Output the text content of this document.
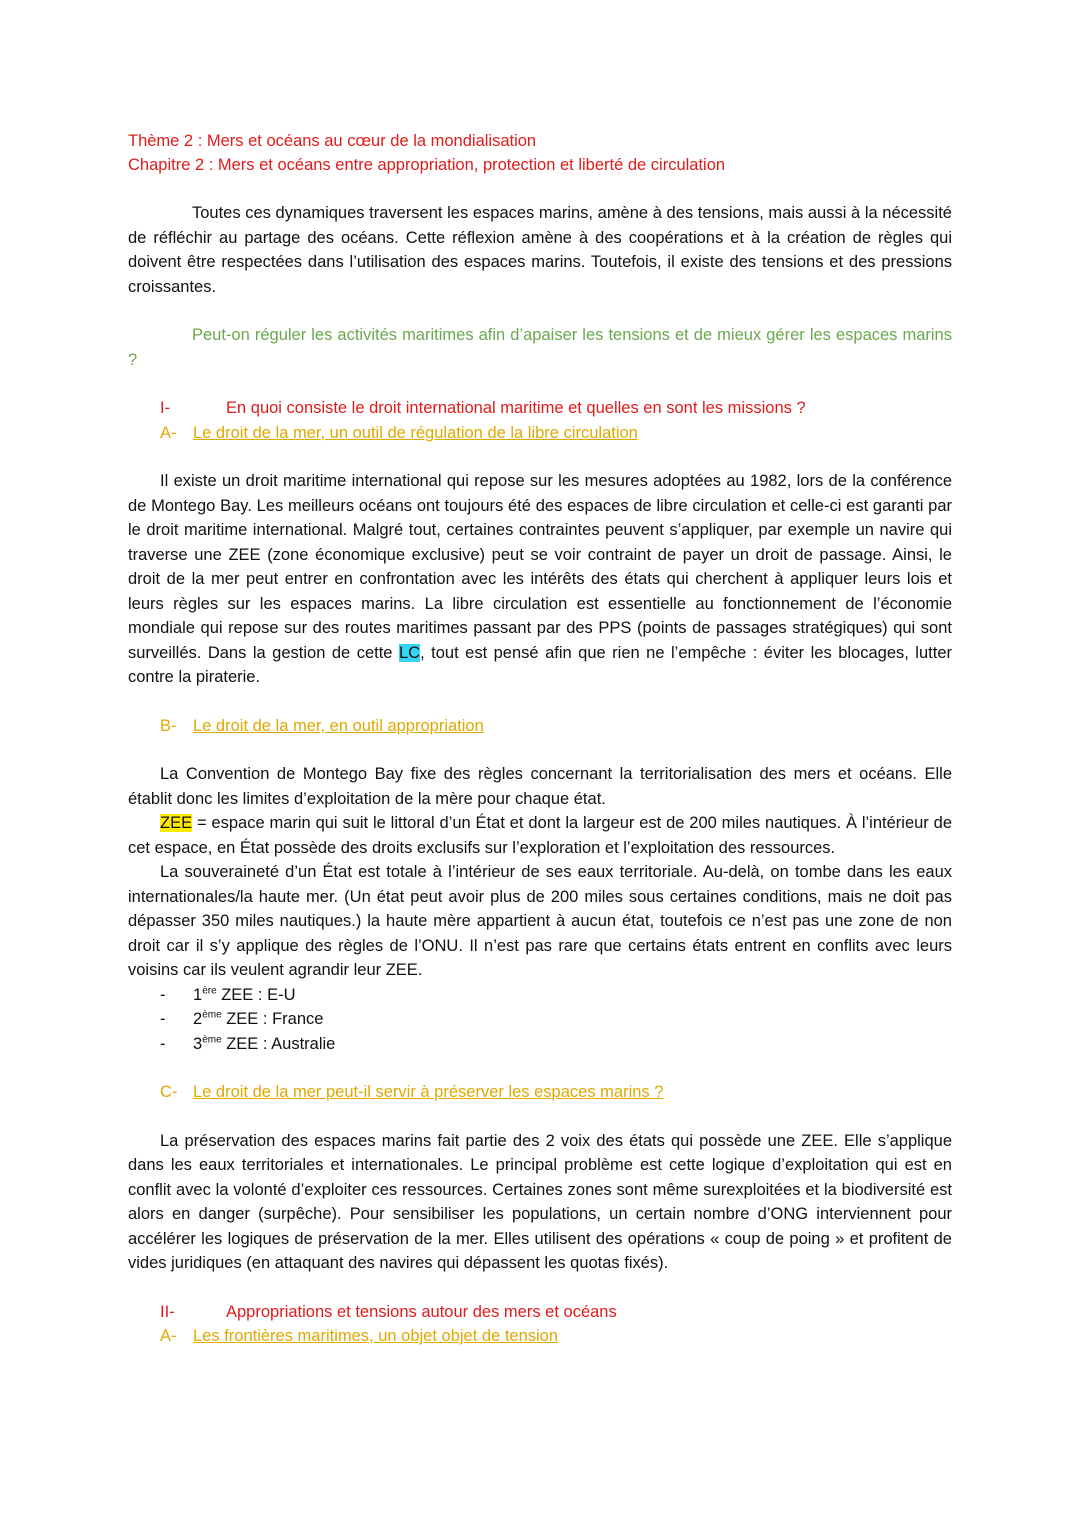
Thème 2 : Mers et océans au cœur de la mondialisation

Chapitre 2 : Mers et océans entre appropriation, protection et liberté de circulation

Toutes ces dynamiques traversent les espaces marins, amène à des tensions, mais aussi à la nécessité de réfléchir au partage des océans. Cette réflexion amène à des coopérations et à la création de règles qui doivent être respectées dans l’utilisation des espaces marins. Toutefois, il existe des tensions et des pressions croissantes.

Peut-on réguler les activités maritimes afin d’apaiser les tensions et de mieux gérer les espaces marins ?

I-	En quoi consiste le droit international maritime et quelles en sont les missions ?
A-	Le droit de la mer, un outil de régulation de la libre circulation

Il existe un droit maritime international qui repose sur les mesures adoptées au 1982, lors de la conférence de Montego Bay. Les meilleurs océans ont toujours été des espaces de libre circulation et celle-ci est garanti par le droit maritime international. Malgré tout, certaines contraintes peuvent s’appliquer, par exemple un navire qui traverse une ZEE (zone économique exclusive) peut se voir contraint de payer un droit de passage. Ainsi, le droit de la mer peut entrer en confrontation avec les intérêts des états qui cherchent à appliquer leurs lois et leurs règles sur les espaces marins. La libre circulation est essentielle au fonctionnement de l’économie mondiale qui repose sur des routes maritimes passant par des PPS (points de passages stratégiques) qui sont surveillés. Dans la gestion de cette LC, tout est pensé afin que rien ne l’empêche : éviter les blocages, lutter contre la piraterie.

B-	Le droit de la mer, en outil appropriation

La Convention de Montego Bay fixe des règles concernant la territorialisation des mers et océans. Elle établit donc les limites d’exploitation de la mère pour chaque état.

ZEE = espace marin qui suit le littoral d’un État et dont la largeur est de 200 miles nautiques. À l’intérieur de cet espace, en État possède des droits exclusifs sur l’exploration et l’exploitation des ressources.

La souveraineté d’un État est totale à l’intérieur de ses eaux territoriale. Au-delà, on tombe dans les eaux internationales/la haute mer. (Un état peut avoir plus de 200 miles sous certaines conditions, mais ne doit pas dépasser 350 miles nautiques.) la haute mère appartient à aucun état, toutefois ce n’est pas une zone de non droit car il s’y applique des règles de l’ONU. Il n’est pas rare que certains états entrent en conflits avec leurs voisins car ils veulent agrandir leur ZEE.

-	1ère ZEE : E-U
-	2ème ZEE : France
-	3ème ZEE : Australie
C- Le droit de la mer peut-il servir à préserver les espaces marins ?

La préservation des espaces marins fait partie des 2 voix des états qui possède une ZEE. Elle s’applique dans les eaux territoriales et internationales. Le principal problème est cette logique d’exploitation qui est en conflit avec la volonté d’exploiter ces ressources. Certaines zones sont même surexploitées et la biodiversité est alors en danger (surpêche). Pour sensibiliser les populations, un certain nombre d’ONG interviennent pour accélérer les logiques de préservation de la mer. Elles utilisent des opérations « coup de poing » et profitent de vides juridiques (en attaquant des navires qui dépassent les quotas fixés).

II-	Appropriations et tensions autour des mers et océans
A-	Les frontières maritimes, un objet objet de tension
